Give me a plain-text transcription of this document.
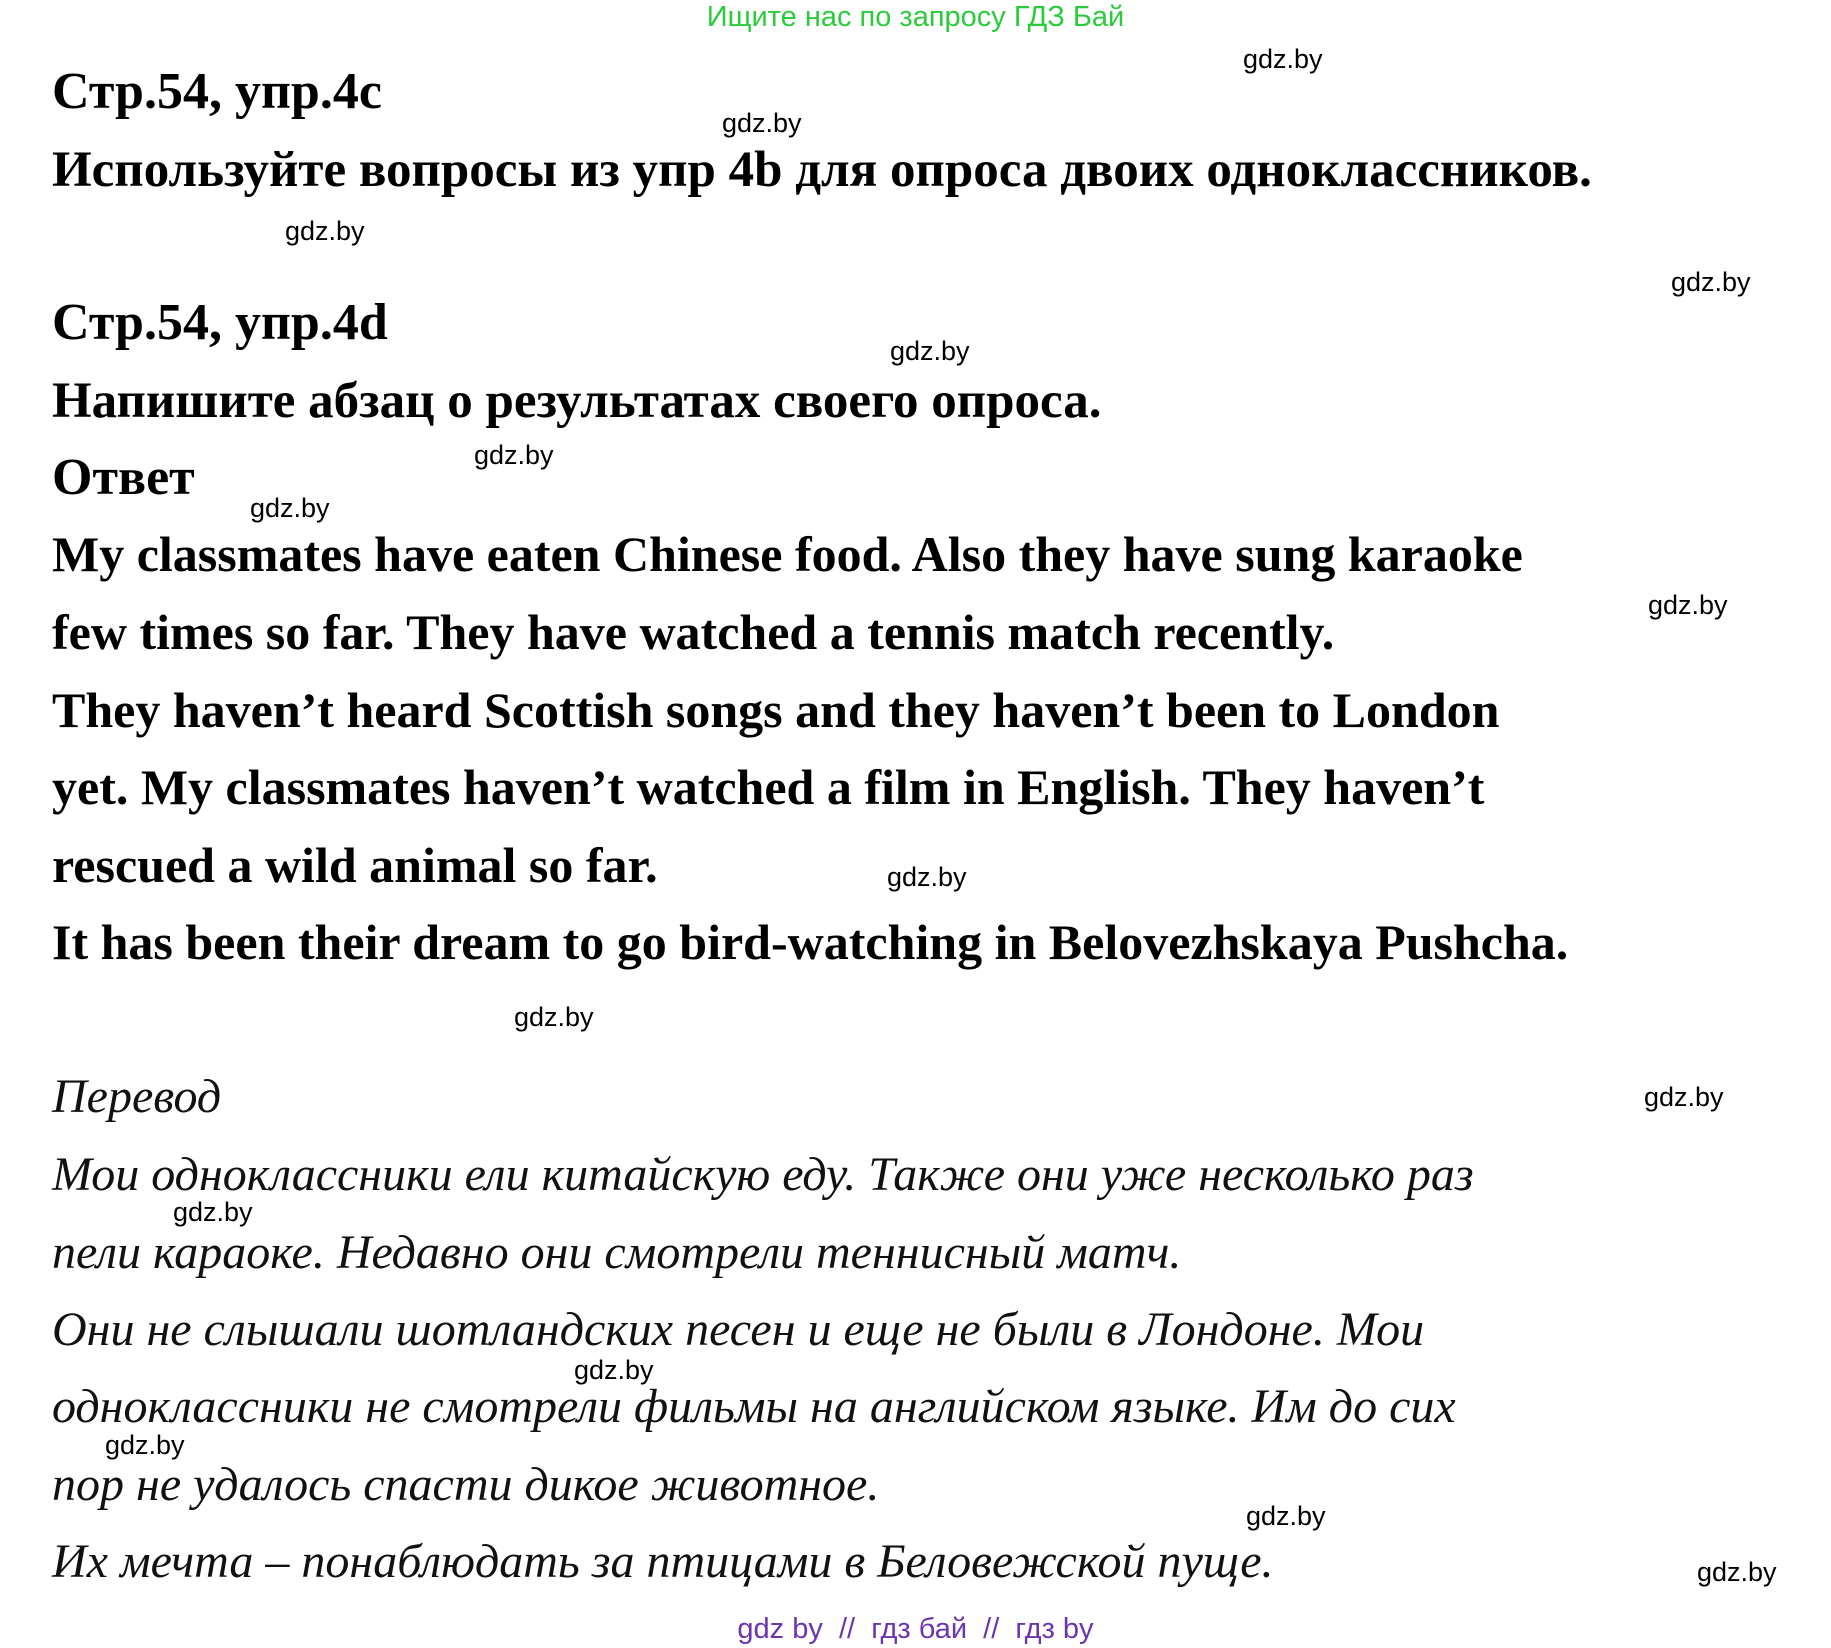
Ищите нас по запросу ГДЗ Бай
Стр.54, упр.4c
Используйте вопросы из упр 4b для опроса двоих одноклассников.
Стр.54, упр.4d
Напишите абзац о результатах своего опроса.
Ответ
My classmates have eaten Chinese food. Also they have sung karaoke
few times so far. They have watched a tennis match recently.
They haven’t heard Scottish songs and they haven’t been to London
yet. My classmates haven’t watched a film in English. They haven’t
rescued a wild animal so far.
It has been their dream to go bird-watching in Belovezhskaya Pushcha.
Перевод
Мои одноклассники ели китайскую еду. Также они уже несколько раз
пели караоке. Недавно они смотрели теннисный матч.
Они не слышали шотландских песен и еще не были в Лондоне. Мои
одноклассники не смотрели фильмы на английском языке. Им до сих
пор не удалось спасти дикое животное.
Их мечта – понаблюдать за птицами в Беловежской пуще.
gdz.by
gdz.by
gdz.by
gdz.by
gdz.by
gdz.by
gdz.by
gdz.by
gdz.by
gdz.by
gdz.by
gdz.by
gdz.by
gdz.by
gdz.by
gdz.by
gdz by  //  гдз бай  //  гдз by
